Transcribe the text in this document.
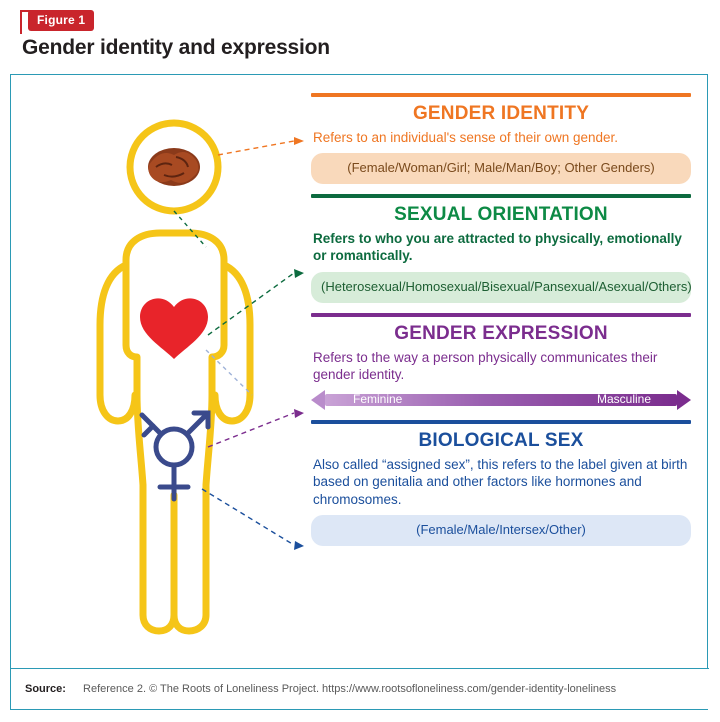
Figure 1
Gender identity and expression
GENDER IDENTITY

Refers to an individual's sense of their own gender.

(Female/Woman/Girl; Male/Man/Boy; Other Genders)
SEXUAL ORIENTATION

Refers to who you are attracted to physically, emotionally or romantically.

(Heterosexual/Homosexual/Bisexual/Pansexual/Asexual/Others)
GENDER EXPRESSION

Refers to the way a person physically communicates their gender identity.

Feminine	Masculine
BIOLOGICAL SEX

Also called “assigned sex”, this refers to the label given at birth based on genitalia and other factors like hormones and chromosomes.

(Female/Male/Intersex/Other)
Source: Reference 2. © The Roots of Loneliness Project. https://www.rootsofloneliness.com/gender-identity-loneliness
